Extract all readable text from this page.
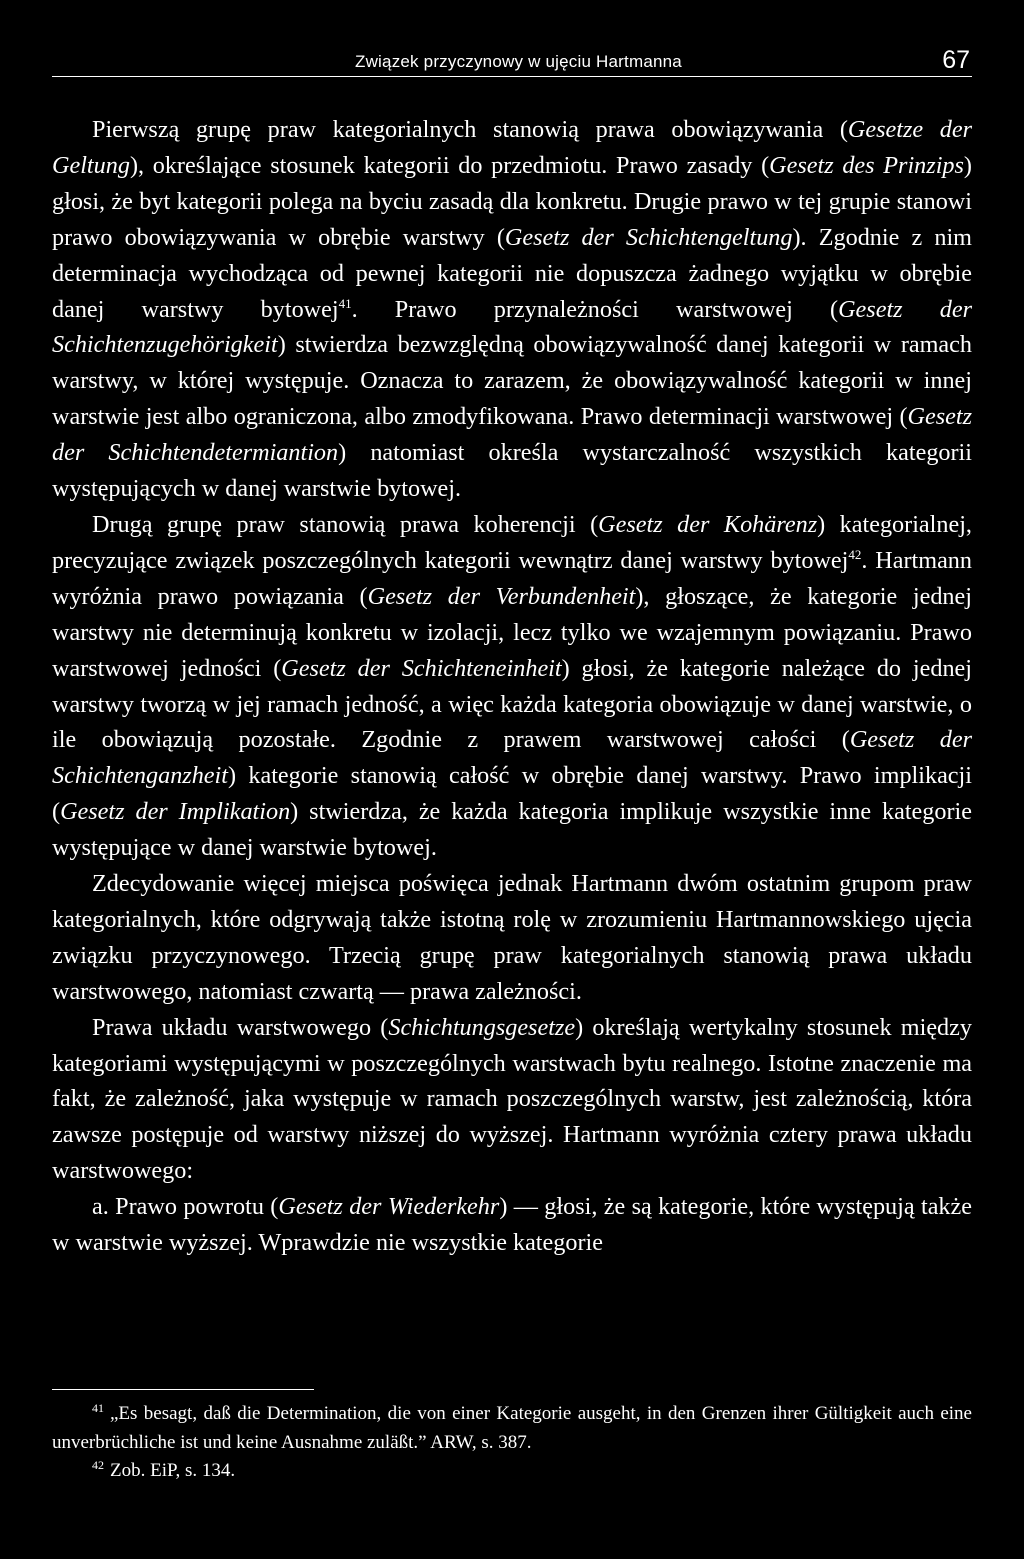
Związek przyczynowy w ujęciu Hartmanna	67

Pierwszą grupę praw kategorialnych stanowią prawa obowiązywania (Gesetze der Geltung), określające stosunek kategorii do przedmiotu. Prawo zasady (Gesetz des Prinzips) głosi, że byt kategorii polega na byciu zasadą dla konkretu. Drugie prawo w tej grupie stanowi prawo obowiązywania w obrębie warstwy (Gesetz der Schichtengeltung). Zgodnie z nim determinacja wychodząca od pewnej kategorii nie dopuszcza żadnego wyjątku w obrębie danej warstwy bytowej$^{41}$. Prawo przynależności warstwowej (Gesetz der Schichtenzugehörigkeit) stwierdza bezwzględną obowiązywalność danej kategorii w ramach warstwy, w której występuje. Oznacza to zarazem, że obowiązywalność kategorii w innej warstwie jest albo ograniczona, albo zmodyfikowana. Prawo determinacji warstwowej (Gesetz der Schichtendetermiantion) natomiast określa wystarczalność wszystkich kategorii występujących w danej warstwie bytowej.

Drugą grupę praw stanowią prawa koherencji (Gesetz der Kohärenz) kategorialnej, precyzujące związek poszczególnych kategorii wewnątrz danej warstwy bytowej$^{42}$. Hartmann wyróżnia prawo powiązania (Gesetz der Verbundenheit), głoszące, że kategorie jednej warstwy nie determinują konkretu w izolacji, lecz tylko we wzajemnym powiązaniu. Prawo warstwowej jedności (Gesetz der Schichteneinheit) głosi, że kategorie należące do jednej warstwy tworzą w jej ramach jedność, a więc każda kategoria obowiązuje w danej warstwie, o ile obowiązują pozostałe. Zgodnie z prawem warstwowej całości (Gesetz der Schichtenganzheit) kategorie stanowią całość w obrębie danej warstwy. Prawo implikacji (Gesetz der Implikation) stwierdza, że każda kategoria implikuje wszystkie inne kategorie występujące w danej warstwie bytowej.

Zdecydowanie więcej miejsca poświęca jednak Hartmann dwóm ostatnim grupom praw kategorialnych, które odgrywają także istotną rolę w zrozumieniu Hartmannowskiego ujęcia związku przyczynowego. Trzecią grupę praw kategorialnych stanowią prawa układu warstwowego, natomiast czwartą — prawa zależności.

Prawa układu warstwowego (Schichtungsgesetze) określają wertykalny stosunek między kategoriami występującymi w poszczególnych warstwach bytu realnego. Istotne znaczenie ma fakt, że zależność, jaka występuje w ramach poszczególnych warstw, jest zależnością, która zawsze postępuje od warstwy niższej do wyższej. Hartmann wyróżnia cztery prawa układu warstwowego:

a. Prawo powrotu (Gesetz der Wiederkehr) — głosi, że są kategorie, które występują także w warstwie wyższej. Wprawdzie nie wszystkie kategorie

$^{41}$ „Es besagt, daß die Determination, die von einer Kategorie ausgeht, in den Grenzen ihrer Gültigkeit auch eine unverbrüchliche ist und keine Ausnahme zuläßt.” ARW, s. 387.

$^{42}$ Zob. EiP, s. 134.
